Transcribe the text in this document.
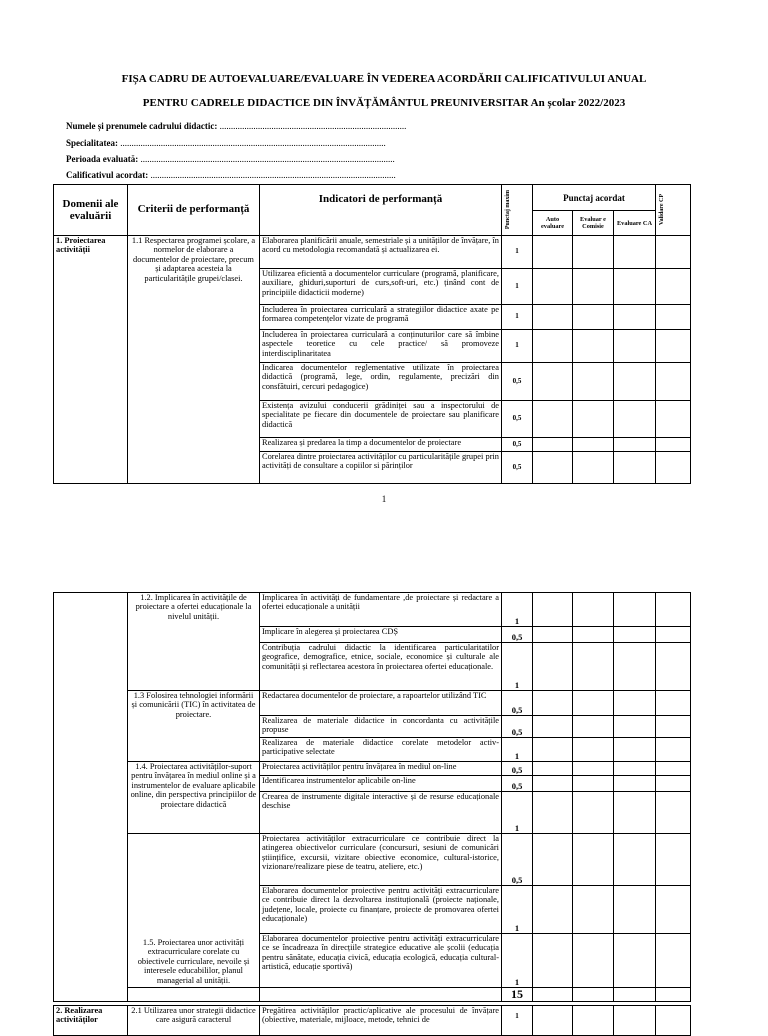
FIȘA CADRU DE AUTOEVALUARE/EVALUARE ÎN VEDEREA ACORDĂRII CALIFICATIVULUI ANUAL
PENTRU CADRELE DIDACTICE DIN ÎNVĂȚĂMÂNTUL PREUNIVERSITAR An școlar 2022/2023
Numele și prenumele cadrului didactic: ...................................................................................
Specialitatea: ......................................................................................................................
Perioada evaluată: .................................................................................................................
Calificativul acordat: .............................................................................................................
Domenii ale evaluării	Criterii de performanță	Indicatori de performanță	Punctaj maxim	Punctaj acordat			Validare CP

				Auto evaluare	Evaluar e Comisie	Evaluare CA	
1. Proiectarea activității	1.1 Respectarea programei școlare, a normelor de elaborare a documentelor de proiectare, precum și adaptarea acesteia la particularitățile grupei/clasei.	Elaborarea planificării anuale, semestriale și a unităților de învățare, în acord cu metodologia recomandată și actualizarea ei.	1				
		Utilizarea eficientă a documentelor curriculare (programă, planificare, auxiliare, ghiduri,suporturi de curs,soft-uri, etc.) ținând cont de principiile didacticii moderne)	1				
		Includerea în proiectarea curriculară a strategiilor didactice axate pe formarea competențelor vizate de programă	1				
		Includerea în proiectarea curriculară a conținuturilor care să îmbine aspectele teoretice cu cele practice/ să promoveze interdisciplinaritatea	1				
		Indicarea documentelor reglementative utilizate în proiectarea didactică (programă, lege, ordin, regulamente, precizări din consfătuiri, cercuri pedagogice)	0,5				
		Existența avizului conducerii grădiniței sau a inspectorului de specialitate pe fiecare din documentele de proiectare sau planificare didactică	0,5				
		Realizarea și predarea la timp a documentelor de proiectare	0,5				
		Corelarea dintre proiectarea activităților cu particularitățile grupei prin activități de consultare a copiilor si părinților	0,5				
1
	1.2. Implicarea în activitățile de proiectare a ofertei educaționale la nivelul unității.	Implicarea în activități de fundamentare ,de proiectare și redactare a ofertei educaționale a unității	1				
		Implicare în alegerea și proiectarea CDȘ	0,5				
		Contribuția cadrului didactic la identificarea particularitatilor geografice, demografice, etnice, sociale, economice și culturale ale comunității și reflectarea acestora în proiectarea ofertei educaționale.	1				
	1.3 Folosirea tehnologiei informării și comunicării (TIC) în activitatea de proiectare.	Redactarea documentelor de proiectare, a rapoartelor utilizând TIC	0,5				
		Realizarea de materiale didactice in concordanta cu activitățile propuse	0,5				
		Realizarea de materiale didactice corelate metodelor activ-participative selectate	1				
	1.4. Proiectarea activităților-suport pentru învățarea în mediul online și a instrumentelor de evaluare aplicabile online, din perspectiva principiilor de proiectare didactică	Proiectarea activităților pentru învățarea în mediul on-line	0,5				
		Identificarea instrumentelor aplicabile on-line	0,5				
		Crearea de instrumente digitale interactive și de resurse educaționale deschise	1				
	1.5. Proiectarea unor activități extracurriculare corelate cu obiectivele curriculare, nevoile și interesele educabililor, planul managerial al unității.	Proiectarea activităților extracurriculare ce contribuie direct la atingerea obiectivelor curriculare (concursuri, sesiuni de comunicări științifice, excursii, vizitare obiective economice, cultural-istorice, vizionare/realizare piese de teatru, ateliere, etc.)	0,5				
		Elaborarea documentelor proiective pentru activități extracurriculare ce contribuie direct la dezvoltarea instituțională (proiecte naționale, județene, locale, proiecte cu finanțare, proiecte de promovarea ofertei educaționale)	1				
		Elaborarea documentelor proiective pentru activități extracurriculare ce se încadreaza în direcțiile strategice educative ale școlii (educația pentru sănătate, educația civică, educația ecologică, educația cultural-artistică, educație sportivă)	1				
			15				
2. Realizarea activităților	2.1 Utilizarea unor strategii didactice care asigură caracterul	Pregătirea activităților practic/aplicative ale procesului de învățare (obiective, materiale, mijloace, metode, tehnici de	1				
